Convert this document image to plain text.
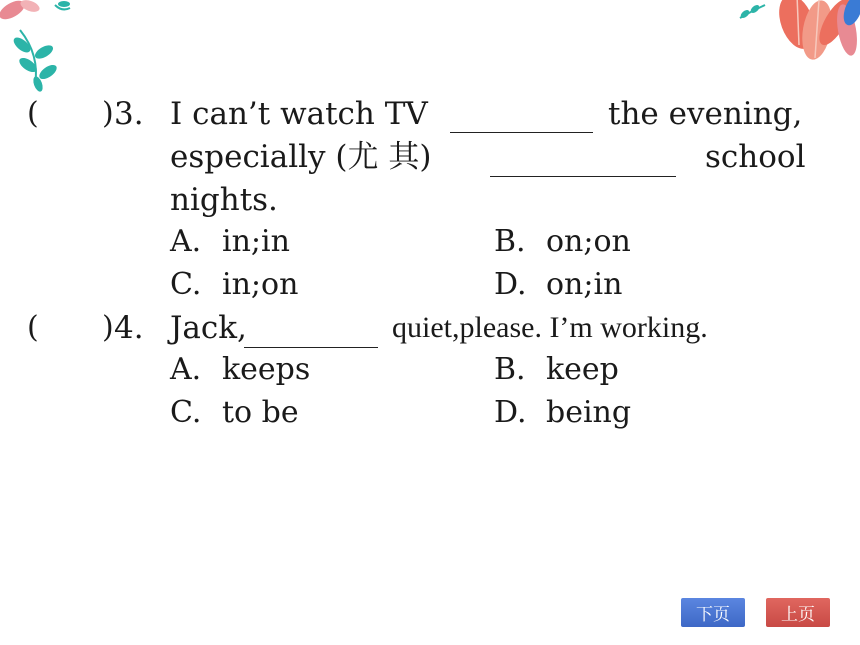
( ) 3. I can’t watch TV	the evening,
especially (尤 其)	school
nights.
A. in;in	B. on;on
C. in;on	D. on;in
( ) 4. Jack,	quiet,please. I’m working.
A. keeps	B. keep
C. to be	D. being
下页	上页
